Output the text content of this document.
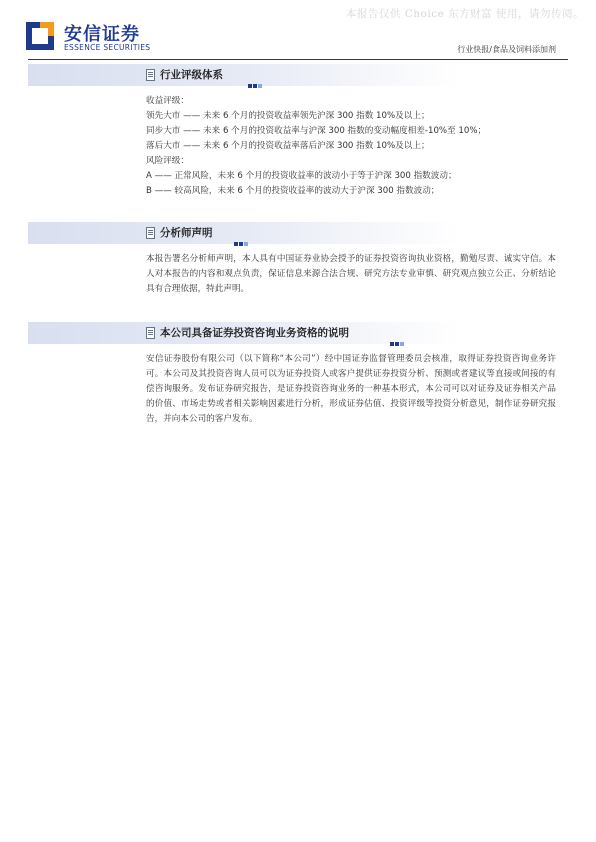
本报告仅供 Choice 东方财富 使用，请勿传阅。
安信证券
ESSENCE SECURITIES	行业快报/食品及饲料添加剂
行业评级体系

收益评级：

领先大市 —— 未来 6 个月的投资收益率领先沪深 300 指数 10%及以上；

同步大市 —— 未来 6 个月的投资收益率与沪深 300 指数的变动幅度相差-10%至 10%；

落后大市 —— 未来 6 个月的投资收益率落后沪深 300 指数 10%及以上；

风险评级：

A —— 正常风险，未来 6 个月的投资收益率的波动小于等于沪深 300 指数波动；

B —— 较高风险，未来 6 个月的投资收益率的波动大于沪深 300 指数波动；

分析师声明

本报告署名分析师声明，本人具有中国证券业协会授予的证券投资咨询执业资格，勤勉尽责、诚实守信。本人对本报告的内容和观点负责，保证信息来源合法合规、研究方法专业审慎、研究观点独立公正、分析结论具有合理依据，特此声明。

本公司具备证券投资咨询业务资格的说明

安信证券股份有限公司（以下简称“本公司”）经中国证券监督管理委员会核准，取得证券投资咨询业务许可。本公司及其投资咨询人员可以为证券投资人或客户提供证券投资分析、预测或者建议等直接或间接的有偿咨询服务。发布证券研究报告，是证券投资咨询业务的一种基本形式，本公司可以对证券及证券相关产品的价值、市场走势或者相关影响因素进行分析，形成证券估值、投资评级等投资分析意见，制作证券研究报告，并向本公司的客户发布。
